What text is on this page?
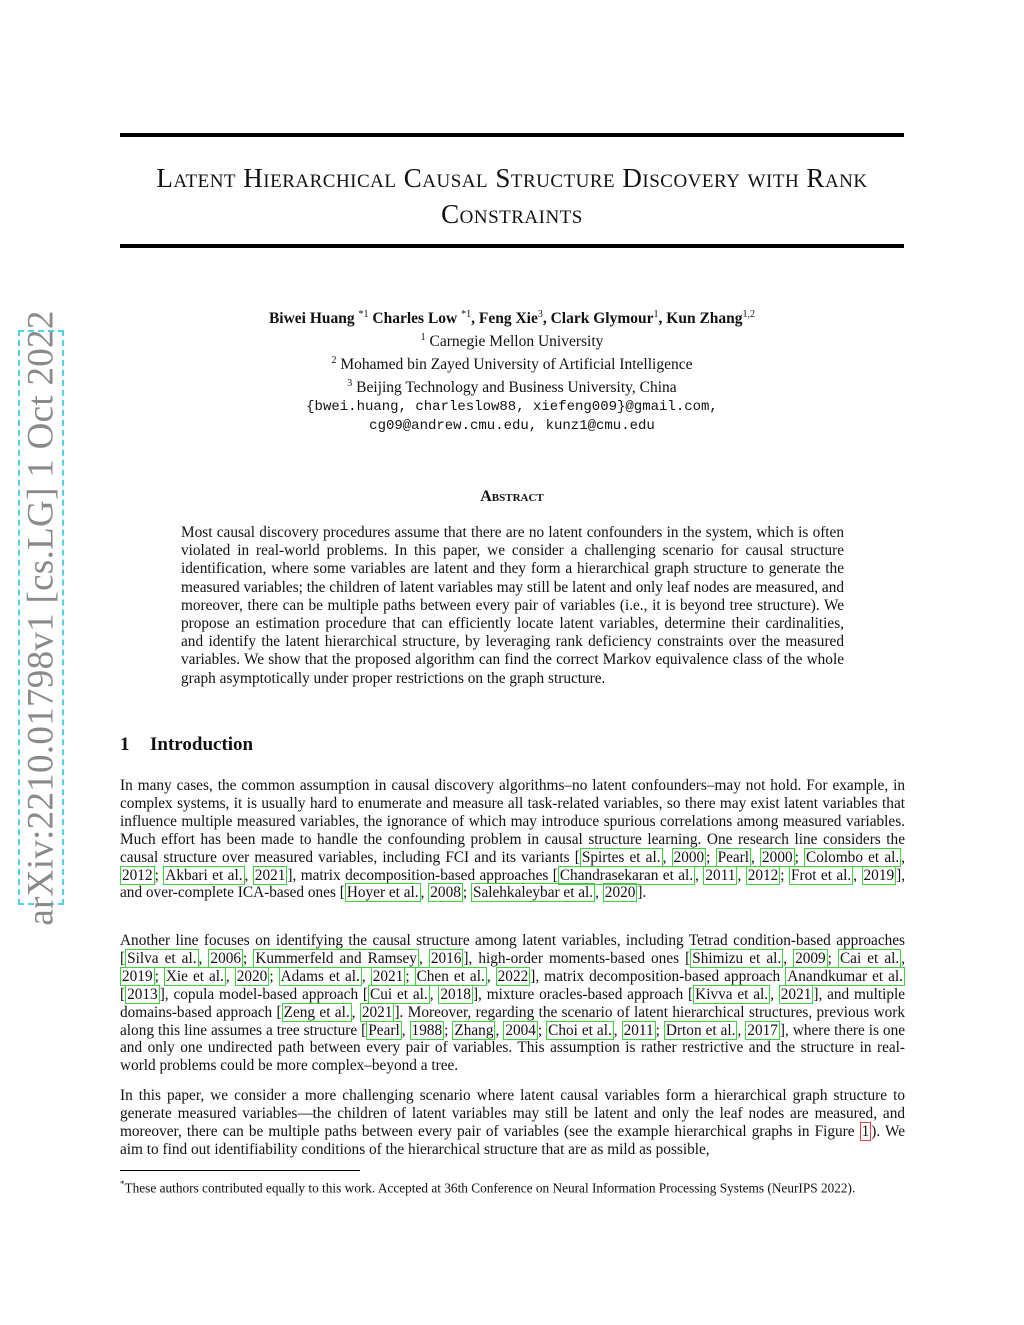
arXiv:2210.01798v1 [cs.LG] 1 Oct 2022
Latent Hierarchical Causal Structure Discovery with Rank
Constraints
Biwei Huang $^{*1}$ Charles Low $^{*1}$, Feng Xie$^3$, Clark Glymour$^1$, Kun Zhang$^{1,2}$
$^1$ Carnegie Mellon University
$^2$ Mohamed bin Zayed University of Artificial Intelligence
$^3$ Beijing Technology and Business University, China
{bwei.huang, charleslow88, xiefeng009}@gmail.com,
cg09@andrew.cmu.edu, kunz1@cmu.edu
Abstract
Most causal discovery procedures assume that there are no latent confounders in the system, which is often violated in real-world problems. In this paper, we consider a challenging scenario for causal structure identification, where some variables are latent and they form a hierarchical graph structure to generate the measured variables; the children of latent variables may still be latent and only leaf nodes are measured, and moreover, there can be multiple paths between every pair of variables (i.e., it is beyond tree structure). We propose an estimation procedure that can efficiently locate latent variables, determine their cardinalities, and identify the latent hierarchical structure, by leveraging rank deficiency constraints over the measured variables. We show that the proposed algorithm can find the correct Markov equivalence class of the whole graph asymptotically under proper restrictions on the graph structure.
1 Introduction

In many cases, the common assumption in causal discovery algorithms–no latent confounders–may not hold. For example, in complex systems, it is usually hard to enumerate and measure all task-related variables, so there may exist latent variables that influence multiple measured variables, the ignorance of which may introduce spurious correlations among measured variables. Much effort has been made to handle the confounding problem in causal structure learning. One research line considers the causal structure over measured variables, including FCI and its variants [ Spirtes et al. , 2000 ; Pearl , 2000 ; Colombo et al. , 2012 ; Akbari et al. , 2021 ], matrix decomposition-based approaches [ Chandrasekaran et al. , 2011 , 2012 ; Frot et al. , 2019 ], and over-complete ICA-based ones [ Hoyer et al. , 2008 ; Salehkaleybar et al. , 2020 ].

Another line focuses on identifying the causal structure among latent variables, including Tetrad condition-based approaches [ Silva et al. , 2006 ; Kummerfeld and Ramsey , 2016 ], high-order moments-based ones [ Shimizu et al. , 2009 ; Cai et al. , 2019 ; Xie et al. , 2020 ; Adams et al. , 2021 ; Chen et al. , 2022 ], matrix decomposition-based approach Anandkumar et al. [ 2013 ], copula model-based approach [ Cui et al. , 2018 ], mixture oracles-based approach [ Kivva et al. , 2021 ], and multiple domains-based approach [ Zeng et al. , 2021 ]. Moreover, regarding the scenario of latent hierarchical structures, previous work along this line assumes a tree structure [ Pearl , 1988 ; Zhang , 2004 ; Choi et al. , 2011 ; Drton et al. , 2017 ], where there is one and only one undirected path between every pair of variables. This assumption is rather restrictive and the structure in real-world problems could be more complex–beyond a tree.

In this paper, we consider a more challenging scenario where latent causal variables form a hierarchical graph structure to generate measured variables—the children of latent variables may still be latent and only the leaf nodes are measured, and moreover, there can be multiple paths between every pair of variables (see the example hierarchical graphs in Figure 1 ). We aim to find out identifiability conditions of the hierarchical structure that are as mild as possible,

*These authors contributed equally to this work. Accepted at 36th Conference on Neural Information Processing Systems (NeurIPS 2022).
